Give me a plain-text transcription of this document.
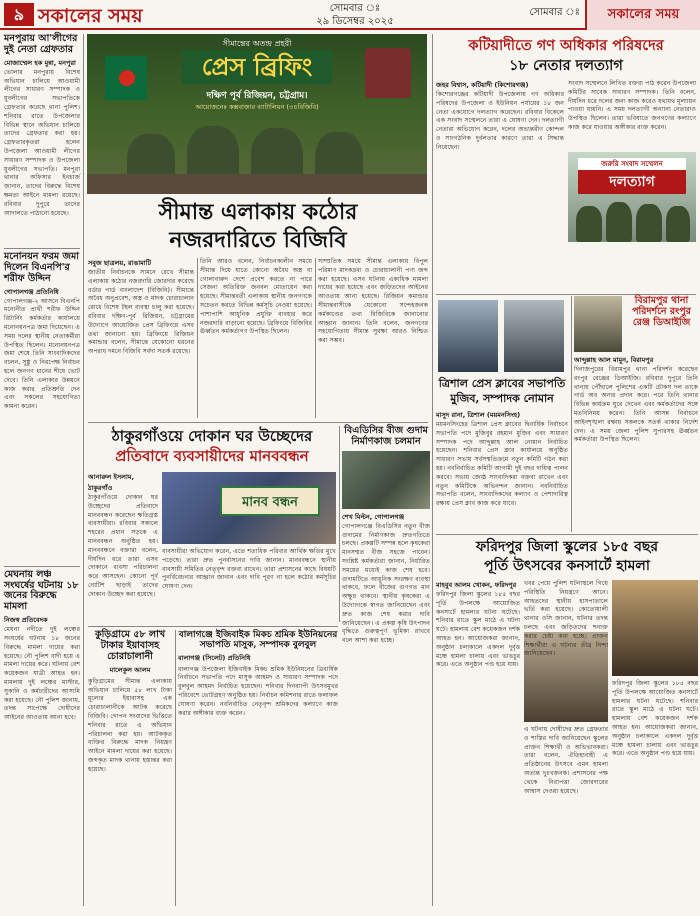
৯ সকালের সময়	সোমবার ঃ
২৯ ডিসেম্বর ২০২৫
সোমবার ঃ	সকালের সময়
মনপুরায় আ'লীগের দুই নেতা গ্রেফতার
মোজাম্মেল হক মুন্না, মনপুরা
ভোলার মনপুরায় বিশেষ অভিযান চালিয়ে আওয়ামী লীগের সাধারণ সম্পাদক ও যুবলীগের সভাপতিকে গ্রেফতার করেছে থানা পুলিশ। শনিবার রাতে উপজেলার বিভিন্ন স্থানে অভিযান চালিয়ে তাদের গ্রেফতার করা হয়। গ্রেফতারকৃতরা হলেন উপজেলা আওয়ামী লীগের সাধারণ সম্পাদক ও উপজেলা যুবলীগের সভাপতি। মনপুরা থানার অফিসার ইনচার্জ জানান, তাদের বিরুদ্ধে বিশেষ ক্ষমতা আইনে মামলা রয়েছে। রবিবার দুপুরে তাদের আদালতে পাঠানো হয়েছে।
মনোনয়ন ফরম জমা দিলেন বিএনপি'র শরীফ উদ্দিন
গোপালগঞ্জ প্রতিনিধি
গোপালগঞ্জ-২ আসনে বিএনপি মনোনীত প্রার্থী শরীফ উদ্দিন রিটার্নিং কর্মকর্তার কার্যালয়ে মনোনয়নপত্র জমা দিয়েছেন। এ সময় দলের স্থানীয় নেতাকর্মীরা উপস্থিত ছিলেন। মনোনয়নপত্র জমা শেষে তিনি সাংবাদিকদের বলেন, সুষ্ঠু ও নিরপেক্ষ নির্বাচন হলে জনগণ ধানের শীষে ভোট দেবে। তিনি এলাকার উন্নয়নে কাজ করার প্রতিশ্রুতি দেন এবং সকলের সহযোগিতা কামনা করেন।
মেঘনায় লঞ্চ সংঘর্ষের ঘটনায় ১৮ জনের বিরুদ্ধে মামলা
নিজস্ব প্রতিবেদক
মেঘনা নদীতে দুই লঞ্চের সংঘর্ষের ঘটনায় ১৮ জনের বিরুদ্ধে মামলা দায়ের করা হয়েছে। নৌ পুলিশ বাদী হয়ে এ মামলা দায়ের করে। ঘটনায় বেশ কয়েকজন যাত্রী আহত হন। মামলায় দুই লঞ্চের মাস্টার, সুকানি ও কর্মচারীদের আসামি করা হয়েছে। নৌ পুলিশ জানায়, তদন্ত সাপেক্ষে দোষীদের আইনের আওতায় আনা হবে।
সীমান্তের অতন্দ্র প্রহরী
প্রেস ব্রিফিং
দক্ষিণ পূর্ব রিজিয়ন, চট্টগ্রাম।
আয়োজনেঃ কক্সবাজার ব্যাটালিয়ন (৩৪বিজিবি)
সীমান্ত এলাকায় কঠোর
নজরদারিতে বিজিবি
সবুজ ছাত্রলয়, রাঙামাটি
জাতীয় নির্বাচনকে সামনে রেখে সীমান্ত এলাকায় কঠোর নজরদারি জোরদার করেছে বর্ডার গার্ড বাংলাদেশ (বিজিবি)। সীমান্তে অবৈধ অনুপ্রবেশ, অস্ত্র ও মাদক চোরাচালান রোধে বিশেষ টহল ব্যবস্থা চালু করা হয়েছে। রবিবার দক্ষিণ-পূর্ব রিজিয়ন, চট্টগ্রামের উদ্যোগে আয়োজিত প্রেস ব্রিফিংয়ে এসব তথ্য জানানো হয়। ব্রিফিংয়ে রিজিয়ন কমান্ডার বলেন, সীমান্তে যেকোনো ধরনের অপরাধ দমনে বিজিবি সর্বদা সতর্ক রয়েছে।
তিনি আরও বলেন, নির্বাচনকালীন সময়ে সীমান্ত দিয়ে যাতে কোনো অবৈধ অস্ত্র বা গোলাবারুদ দেশে প্রবেশ করতে না পারে সেজন্য অতিরিক্ত জনবল মোতায়েন করা হয়েছে। সীমান্তবর্তী এলাকায় স্থানীয় জনগণকে সচেতন করতে বিভিন্ন কর্মসূচি নেওয়া হয়েছে। পাশাপাশি আধুনিক প্রযুক্তি ব্যবহার করে নজরদারি বাড়ানো হয়েছে। ব্রিফিংয়ে বিজিবির ঊর্ধ্বতন কর্মকর্তাগণ উপস্থিত ছিলেন।
সাম্প্রতিক সময়ে সীমান্ত এলাকায় বিপুল পরিমাণ মাদকদ্রব্য ও চোরাচালানী পণ্য জব্দ করা হয়েছে। এসব ঘটনায় একাধিক মামলা দায়ের করা হয়েছে এবং জড়িতদের আইনের আওতায় আনা হয়েছে। রিজিয়ন কমান্ডার সীমান্তবাসীকে যেকোনো সন্দেহজনক কর্মকাণ্ডের তথ্য বিজিবিকে জানানোর আহ্বান জানান। তিনি বলেন, জনগণের সহযোগিতায় সীমান্ত সুরক্ষা আরও নিশ্চিত করা সম্ভব।
ঠাকুরগাঁওয়ে দোকান ঘর উচ্ছেদের
প্রতিবাদে ব্যবসায়ীদের মানববন্ধন
আনারুল ইসলাম, ঠাকুরগাঁও
ঠাকুরগাঁওয়ে দোকান ঘর উচ্ছেদের প্রতিবাদে মানববন্ধন করেছেন ক্ষতিগ্রস্ত ব্যবসায়ীরা। রবিবার সকালে শহরের প্রধান সড়কে এ মানববন্ধন অনুষ্ঠিত হয়। মানববন্ধনে বক্তারা বলেন, দীর্ঘদিন ধরে তারা এসব দোকানে ব্যবসা পরিচালনা করে আসছেন। কোনো পূর্ব নোটিশ ছাড়াই তাদের দোকান উচ্ছেদ করা হয়েছে।
মানব বন্ধন
ব্যবসায়ীরা অভিযোগ করেন, এতে শতাধিক পরিবার আর্থিক ক্ষতির মুখে পড়েছে। তারা দ্রুত পুনর্বাসনের দাবি জানান। মানববন্ধনে স্থানীয় ব্যবসায়ী সমিতির নেতৃবৃন্দ বক্তব্য রাখেন। তারা প্রশাসনের কাছে বিষয়টি পুনর্বিবেচনার আহ্বান জানান এবং দাবি পূরণ না হলে কঠোর কর্মসূচির ঘোষণা দেন।
বিএডিসির বীজ গুদাম নির্মাণকাজ চলমান
শেখ মিল্টন, গোপালগঞ্জ
গোপালগঞ্জে বিএডিসির নতুন বীজ গুদামের নির্মাণকাজ দ্রুতগতিতে চলছে। প্রকল্পটি সম্পন্ন হলে কৃষকেরা মানসম্মত বীজ সহজে পাবেন। সংশ্লিষ্ট কর্মকর্তারা জানান, নির্ধারিত সময়ের মধ্যেই কাজ শেষ হবে। গুদামটিতে আধুনিক সংরক্ষণ ব্যবস্থা থাকবে, ফলে বীজের গুণগত মান অক্ষুণ্ণ থাকবে। স্থানীয় কৃষকেরা এ উদ্যোগকে স্বাগত জানিয়েছেন এবং দ্রুত কাজ শেষ করার দাবি জানিয়েছেন। এ প্রকল্প কৃষি উৎপাদন বৃদ্ধিতে গুরুত্বপূর্ণ ভূমিকা রাখবে বলে আশা করা হচ্ছে।
কুড়িগ্রামে ৫৮ লাখ টাকার ইয়াবাসহ চোরাচালানী
মালেকুল আলম
কুড়িগ্রামের সীমান্ত এলাকায় অভিযান চালিয়ে ৫৮ লাখ টাকা মূল্যের ইয়াবাসহ এক চোরাচালানীকে আটক করেছে বিজিবি। গোপন সংবাদের ভিত্তিতে শনিবার রাতে এ অভিযান পরিচালনা করা হয়। আটককৃত ব্যক্তির বিরুদ্ধে মাদক নিয়ন্ত্রণ আইনে মামলা দায়ের করা হয়েছে। জব্দকৃত মাদক থানায় হস্তান্তর করা হয়েছে।
বালাগঞ্জে ইজিবাইক মিকচ শ্রমিক ইউনিয়নের
সভাপতি মাসুক, সম্পাদক বুলবুল
বালাগঞ্জ (সিলেট) প্রতিনিধি
বালাগঞ্জ উপজেলা ইজিবাইক মিকচ শ্রমিক ইউনিয়নের ত্রিবার্ষিক নির্বাচনে সভাপতি পদে মাসুক আহমদ ও সাধারণ সম্পাদক পদে বুলবুল আহমদ নির্বাচিত হয়েছেন। শনিবার দিনব্যাপী উৎসবমুখর পরিবেশে ভোটগ্রহণ অনুষ্ঠিত হয়। নির্বাচন কমিশনার রাতে ফলাফল ঘোষণা করেন। নবনির্বাচিত নেতৃবৃন্দ শ্রমিকদের কল্যাণে কাজ করার অঙ্গীকার ব্যক্ত করেন।
কটিয়াদীতে গণ অধিকার পরিষদের
১৮ নেতার দলত্যাগ
জহর বিশ্বাস, কটিয়াদী (কিশোরগঞ্জ)
কিশোরগঞ্জের কটিয়াদী উপজেলায় গণ অধিকার পরিষদের উপজেলা ও ইউনিয়ন পর্যায়ের ১৮ জন নেতা একযোগে দলত্যাগ করেছেন। রবিবার বিকেলে এক সংবাদ সম্মেলনে তারা এ ঘোষণা দেন। দলত্যাগী নেতারা অভিযোগ করেন, দলের অভ্যন্তরীণ কোন্দল ও সাংগঠনিক দুর্বলতার কারণে তারা এ সিদ্ধান্ত নিয়েছেন।
সংবাদ সম্মেলনে লিখিত বক্তব্য পাঠ করেন উপজেলা কমিটির সাবেক সাধারণ সম্পাদক। তিনি বলেন, দীর্ঘদিন ধরে দলের জন্য কাজ করেও যথাযথ মূল্যায়ন পাওয়া যায়নি। এ সময় দলত্যাগী অন্যান্য নেতারাও উপস্থিত ছিলেন। তারা ভবিষ্যতে জনগণের কল্যাণে কাজ করে যাওয়ার অঙ্গীকার ব্যক্ত করেন।
জরুরি সংবাদ সম্মেলন
দলত্যাগ
ত্রিশাল প্রেস ক্লাবের সভাপতি
মুজিব, সম্পাদক নোমান
মাসুদ রানা, ত্রিশাল (ময়মনসিংহ)
ময়মনসিংহের ত্রিশাল প্রেস ক্লাবের দ্বিবার্ষিক নির্বাচনে সভাপতি পদে মুজিবুর রহমান মুজিব এবং সাধারণ সম্পাদক পদে আব্দুল্লাহ আল নোমান নির্বাচিত হয়েছেন। শনিবার প্রেস ক্লাব কার্যালয়ে অনুষ্ঠিত সাধারণ সভায় সর্বসম্মতিক্রমে নতুন কমিটি গঠন করা হয়। নবনির্বাচিত কমিটি আগামী দুই বছর দায়িত্ব পালন করবে। সভায় জ্যেষ্ঠ সাংবাদিকরা বক্তব্য রাখেন এবং নতুন কমিটিকে অভিনন্দন জানান। নবনির্বাচিত সভাপতি বলেন, সাংবাদিকদের কল্যাণ ও পেশাদারিত্ব রক্ষায় প্রেস ক্লাব কাজ করে যাবে।
বিরামপুর থানা পরিদর্শনে রংপুর রেঞ্জ ডিআইজি
আব্দুল্লাহ আল মামুন, বিরামপুর
দিনাজপুরের বিরামপুর থানা পরিদর্শন করেছেন রংপুর রেঞ্জের ডিআইজি। রবিবার দুপুরে তিনি থানায় পৌঁছালে পুলিশের একটি চৌকস দল তাকে গার্ড অব অনার প্রদান করে। পরে তিনি থানার বিভিন্ন কার্যক্রম ঘুরে দেখেন এবং কর্মকর্তাদের সঙ্গে মতবিনিময় করেন। তিনি আসন্ন নির্বাচনে আইনশৃঙ্খলা রক্ষায় সকলকে সতর্ক থাকার নির্দেশ দেন। এ সময় জেলা পুলিশ সুপারসহ ঊর্ধ্বতন কর্মকর্তারা উপস্থিত ছিলেন।
ফরিদপুর জিলা স্কুলের ১৮৫ বছর
পূর্তি উৎসবের কনসার্টে হামলা
মাহবুব আলম খোকন, ফরিদপুর
ফরিদপুর জিলা স্কুলের ১৮৫ বছর পূর্তি উপলক্ষে আয়োজিত কনসার্টে হামলার ঘটনা ঘটেছে। শনিবার রাতে স্কুল মাঠে এ ঘটনা ঘটে। হামলায় বেশ কয়েকজন দর্শক আহত হন। আয়োজকরা জানান, অনুষ্ঠান চলাকালে একদল দুর্বৃত্ত মঞ্চে হামলা চালায় এবং ভাঙচুর করে। এতে অনুষ্ঠান পণ্ড হয়ে যায়।
খবর পেয়ে পুলিশ ঘটনাস্থলে গিয়ে পরিস্থিতি নিয়ন্ত্রণে আনে। আহতদের স্থানীয় হাসপাতালে ভর্তি করা হয়েছে। কোতোয়ালী থানার ওসি জানান, ঘটনার তদন্ত চলছে এবং জড়িতদের শনাক্ত করার চেষ্টা করা হচ্ছে। প্রাক্তন শিক্ষার্থীরা এ ঘটনার তীব্র নিন্দা জানিয়েছেন।
এ ঘটনায় দোষীদের দ্রুত গ্রেফতার ও শাস্তির দাবি জানিয়েছেন স্কুলের প্রাক্তন শিক্ষার্থী ও অভিভাবকরা। তারা বলেন, ঐতিহ্যবাহী এ প্রতিষ্ঠানের উৎসবে এমন হামলা অত্যন্ত দুঃখজনক। প্রশাসনের পক্ষ থেকে নিরাপত্তা জোরদারের আশ্বাস দেওয়া হয়েছে।
ফরিদপুর জিলা স্কুলের ১৮৫ বছর পূর্তি উপলক্ষে আয়োজিত কনসার্টে হামলার ঘটনা ঘটেছে। শনিবার রাতে স্কুল মাঠে এ ঘটনা ঘটে। হামলায় বেশ কয়েকজন দর্শক আহত হন। আয়োজকরা জানান, অনুষ্ঠান চলাকালে একদল দুর্বৃত্ত মঞ্চে হামলা চালায় এবং ভাঙচুর করে। এতে অনুষ্ঠান পণ্ড হয়ে যায়।
